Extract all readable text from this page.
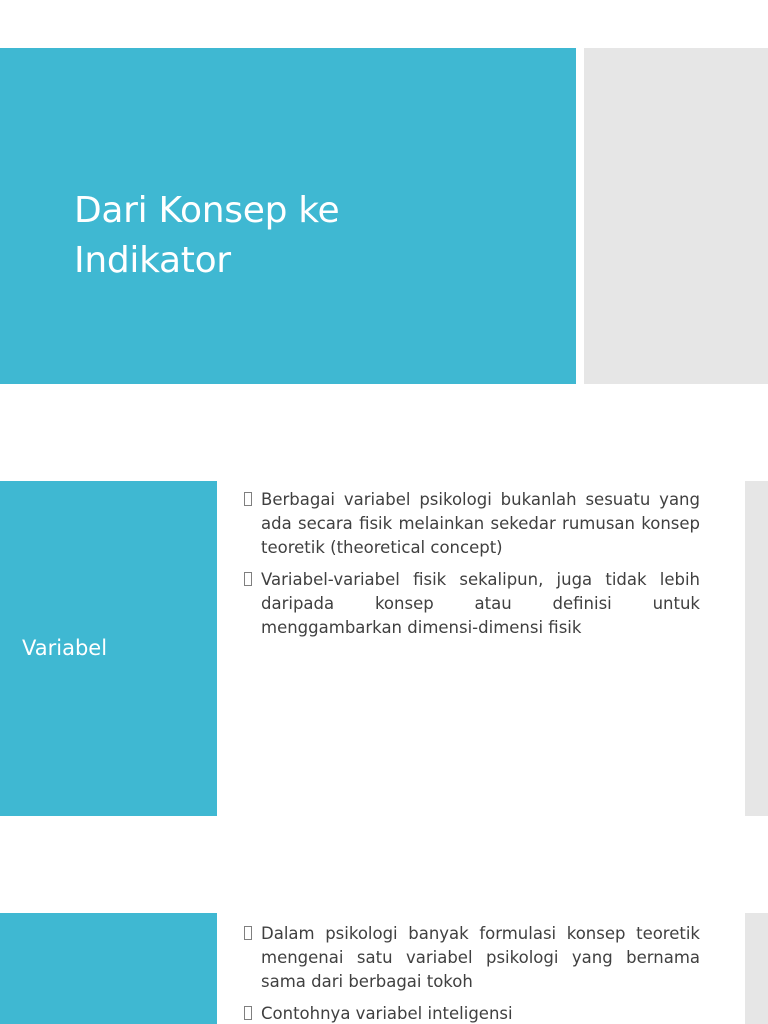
Dari Konsep ke
Indikator
Variabel
Berbagai variabel psikologi bukanlah sesuatu yang ada secara fisik melainkan sekedar rumusan konsep teoretik (theoretical concept)
Variabel-variabel fisik sekalipun, juga tidak lebih daripada konsep atau definisi untuk menggambarkan dimensi-dimensi fisik
Dalam psikologi banyak formulasi konsep teoretik mengenai satu variabel psikologi yang bernama sama dari berbagai tokoh
Contohnya variabel inteligensi
